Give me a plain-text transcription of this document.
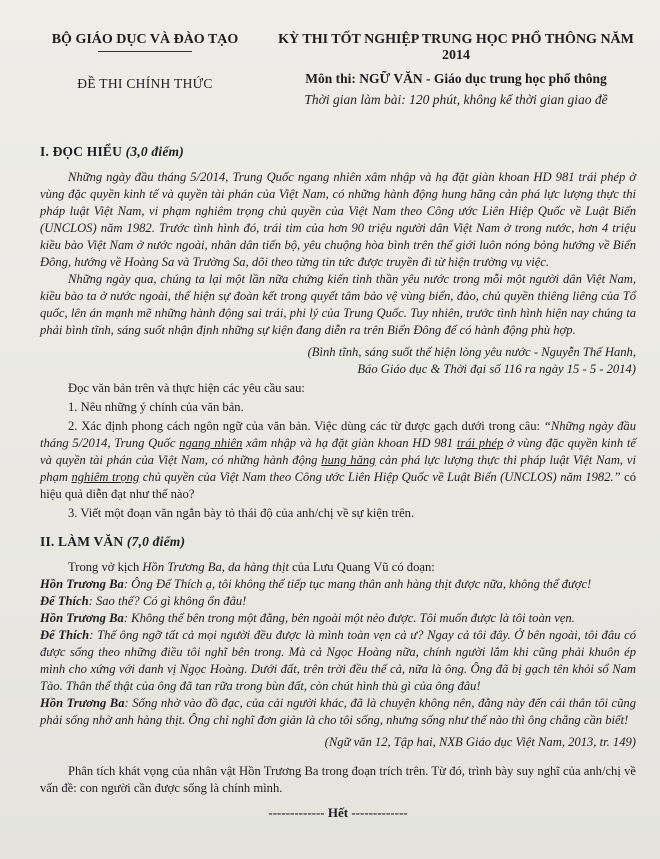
BỘ GIÁO DỤC VÀ ĐÀO TẠO
ĐỀ THI CHÍNH THỨC
KỲ THI TỐT NGHIỆP TRUNG HỌC PHỔ THÔNG NĂM 2014
Môn thi: NGỮ VĂN - Giáo dục trung học phổ thông
Thời gian làm bài: 120 phút, không kể thời gian giao đề
I. ĐỌC HIỂU (3,0 điểm)

Những ngày đầu tháng 5/2014, Trung Quốc ngang nhiên xâm nhập và hạ đặt giàn khoan HD 981 trái phép ở vùng đặc quyền kinh tế và quyền tài phán của Việt Nam, có những hành động hung hăng cản phá lực lượng thực thi pháp luật Việt Nam, vi phạm nghiêm trọng chủ quyền của Việt Nam theo Công ước Liên Hiệp Quốc về Luật Biển (UNCLOS) năm 1982. Trước tình hình đó, trái tim của hơn 90 triệu người dân Việt Nam ở trong nước, hơn 4 triệu kiều bào Việt Nam ở nước ngoài, nhân dân tiến bộ, yêu chuộng hòa bình trên thế giới luôn nóng bỏng hướng về Biển Đông, hướng về Hoàng Sa và Trường Sa, dõi theo từng tin tức được truyền đi từ hiện trường vụ việc.

Những ngày qua, chúng ta lại một lần nữa chứng kiến tinh thần yêu nước trong mỗi một người dân Việt Nam, kiều bào ta ở nước ngoài, thể hiện sự đoàn kết trong quyết tâm bảo vệ vùng biển, đảo, chủ quyền thiêng liêng của Tổ quốc, lên án mạnh mẽ những hành động sai trái, phi lý của Trung Quốc. Tuy nhiên, trước tình hình hiện nay chúng ta phải bình tĩnh, sáng suốt nhận định những sự kiện đang diễn ra trên Biển Đông để có hành động phù hợp.

(Bình tĩnh, sáng suốt thể hiện lòng yêu nước - Nguyễn Thế Hanh,

Báo Giáo dục & Thời đại số 116 ra ngày 15 - 5 - 2014)

Đọc văn bản trên và thực hiện các yêu cầu sau:

1. Nêu những ý chính của văn bản.

2. Xác định phong cách ngôn ngữ của văn bản. Việc dùng các từ được gạch dưới trong câu: “Những ngày đầu tháng 5/2014, Trung Quốc ngang nhiên xâm nhập và hạ đặt giàn khoan HD 981 trái phép ở vùng đặc quyền kinh tế và quyền tài phán của Việt Nam, có những hành động hung hăng cản phá lực lượng thực thi pháp luật Việt Nam, vi phạm nghiêm trọng chủ quyền của Việt Nam theo Công ước Liên Hiệp Quốc về Luật Biển (UNCLOS) năm 1982.” có hiệu quả diễn đạt như thế nào?

3. Viết một đoạn văn ngắn bày tỏ thái độ của anh/chị về sự kiện trên.

II. LÀM VĂN (7,0 điểm)

Trong vở kịch Hồn Trương Ba, da hàng thịt của Lưu Quang Vũ có đoạn:

Hồn Trương Ba: Ông Đế Thích ạ, tôi không thể tiếp tục mang thân anh hàng thịt được nữa, không thể được!

Đế Thích: Sao thế? Có gì không ổn đâu!

Hồn Trương Ba: Không thể bên trong một đằng, bên ngoài một nẻo được. Tôi muốn được là tôi toàn vẹn.

Đế Thích: Thế ông ngỡ tất cả mọi người đều được là mình toàn vẹn cả ư? Ngay cả tôi đây. Ở bên ngoài, tôi đâu có được sống theo những điều tôi nghĩ bên trong. Mà cả Ngọc Hoàng nữa, chính người lắm khi cũng phải khuôn ép mình cho xứng với danh vị Ngọc Hoàng. Dưới đất, trên trời đều thế cả, nữa là ông. Ông đã bị gạch tên khỏi sổ Nam Tào. Thân thể thật của ông đã tan rữa trong bùn đất, còn chút hình thù gì của ông đâu!

Hồn Trương Ba: Sống nhờ vào đồ đạc, của cải người khác, đã là chuyện không nên, đằng này đến cái thân tôi cũng phải sống nhờ anh hàng thịt. Ông chỉ nghĩ đơn giản là cho tôi sống, nhưng sống như thế nào thì ông chẳng cần biết!

(Ngữ văn 12, Tập hai, NXB Giáo dục Việt Nam, 2013, tr. 149)

Phân tích khát vọng của nhân vật Hồn Trương Ba trong đoạn trích trên. Từ đó, trình bày suy nghĩ của anh/chị về vấn đề: con người cần được sống là chính mình.

------------- Hết -------------
